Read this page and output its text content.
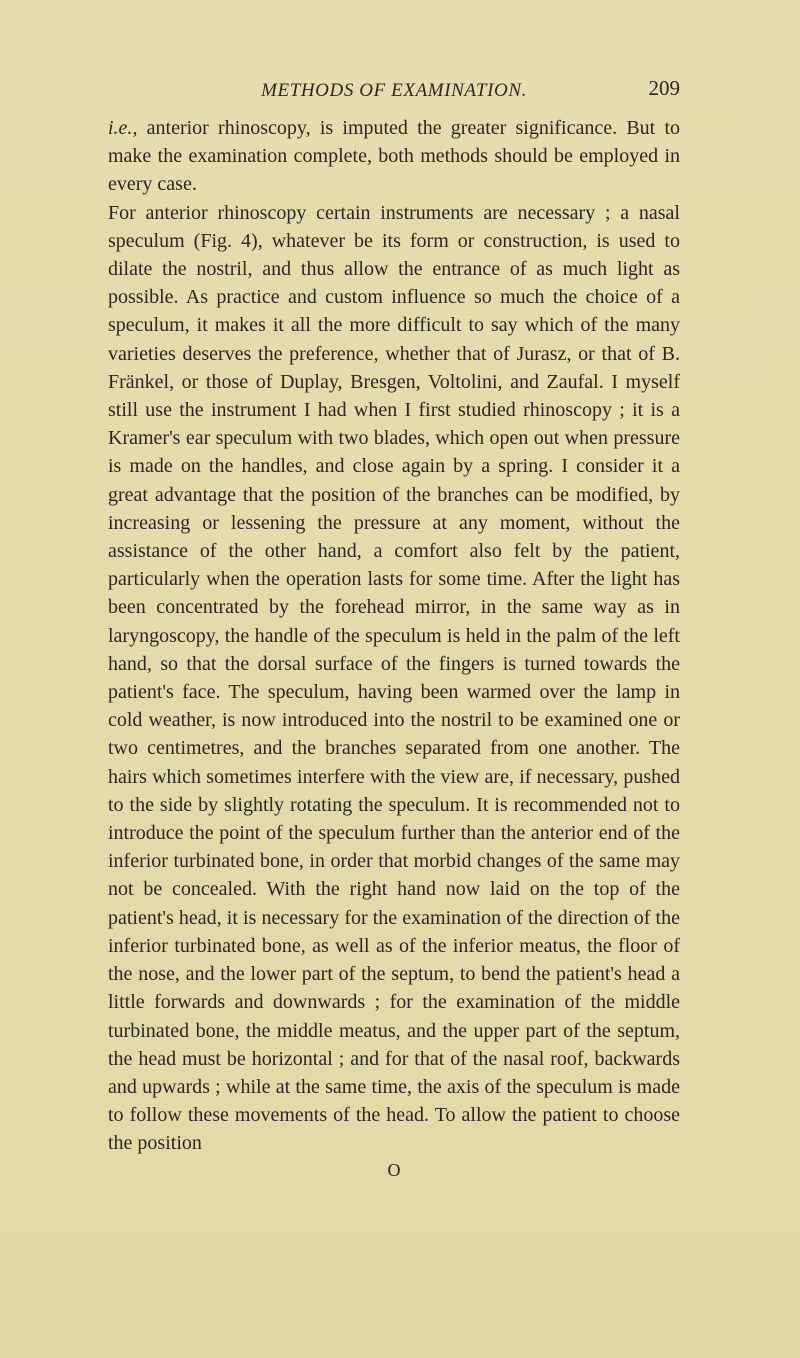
METHODS OF EXAMINATION.	209

i.e., anterior rhinoscopy, is imputed the greater significance. But to make the examination complete, both methods should be employed in every case.

For anterior rhinoscopy certain instruments are necessary ; a nasal speculum (Fig. 4), whatever be its form or construction, is used to dilate the nostril, and thus allow the entrance of as much light as possible. As practice and custom influence so much the choice of a speculum, it makes it all the more difficult to say which of the many varieties deserves the preference, whether that of Jurasz, or that of B. Fränkel, or those of Duplay, Bresgen, Voltolini, and Zaufal. I myself still use the instrument I had when I first studied rhinoscopy ; it is a Kramer's ear speculum with two blades, which open out when pressure is made on the handles, and close again by a spring. I consider it a great advantage that the position of the branches can be modified, by increasing or lessening the pressure at any moment, without the assistance of the other hand, a comfort also felt by the patient, particularly when the operation lasts for some time. After the light has been concentrated by the forehead mirror, in the same way as in laryngoscopy, the handle of the speculum is held in the palm of the left hand, so that the dorsal surface of the fingers is turned towards the patient's face. The speculum, having been warmed over the lamp in cold weather, is now introduced into the nostril to be examined one or two centimetres, and the branches separated from one another. The hairs which sometimes interfere with the view are, if necessary, pushed to the side by slightly rotating the speculum. It is recommended not to introduce the point of the speculum further than the anterior end of the inferior turbinated bone, in order that morbid changes of the same may not be concealed. With the right hand now laid on the top of the patient's head, it is necessary for the examination of the direction of the inferior turbinated bone, as well as of the inferior meatus, the floor of the nose, and the lower part of the septum, to bend the patient's head a little forwards and downwards ; for the examination of the middle turbinated bone, the middle meatus, and the upper part of the septum, the head must be horizontal ; and for that of the nasal roof, backwards and upwards ; while at the same time, the axis of the speculum is made to follow these movements of the head. To allow the patient to choose the position

O
